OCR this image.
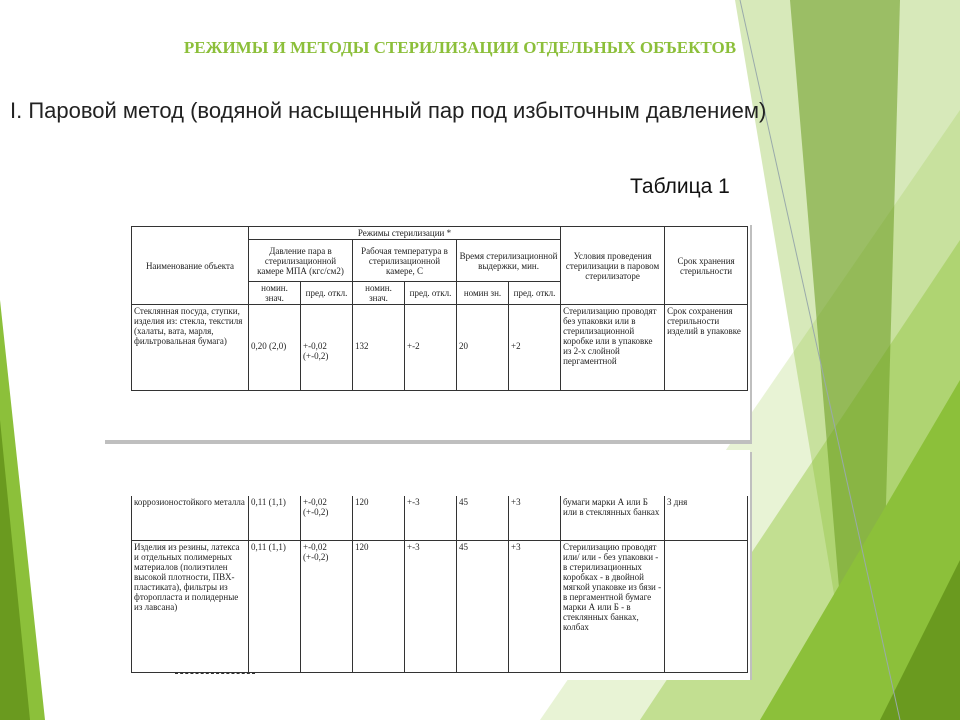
РЕЖИМЫ И МЕТОДЫ СТЕРИЛИЗАЦИИ ОТДЕЛЬНЫХ ОБЪЕКТОВ
I. Паровой метод (водяной насыщенный пар под избыточным давлением)
Таблица 1
Наименование объекта	Режимы стерилизации *						Условия проведения стерилизации в паровом стерилизаторе	Срок хранения стерильности
	Давление пара в стерилизационной камере МПА (кгс/см2)		Рабочая температура в стерилизационной камере, С		Время стерилизационной выдержки, мин.			
	номин. знач.	пред. откл.	номин. знач.	пред. откл.	номин зн.	пред. откл.		
Стеклянная посуда, ступки, изделия из: стекла, текстиля (халаты, вата, марля, фильтровальная бумага)	0,20 (2,0)	+-0,02 (+-0,2)	132	+-2	20	+2	Стерилизацию проводят без упаковки или в стерилизационной коробке или в упаковке из 2-х слойной пергаментной	Срок сохранения стерильности изделий в упаковке
коррозионостойкого металла	0,11 (1,1)	+-0,02 (+-0,2)	120	+-3	45	+3	бумаги марки А или Б или в стеклянных банках	3 дня
Изделия из резины, латекса и отдельных полимерных материалов (полиэтилен высокой плотности, ПВХ-пластиката), фильтры из фторопласта и полидерные из лавсана)	0,11 (1,1)	+-0,02 (+-0,2)	120	+-3	45	+3	Стерилизацию проводят или/ или - без упаковки - в стерилизационных коробках - в двойной мягкой упаковке из бязи - в пергаментной бумаге марки А или Б - в стеклянных банках, колбах	
